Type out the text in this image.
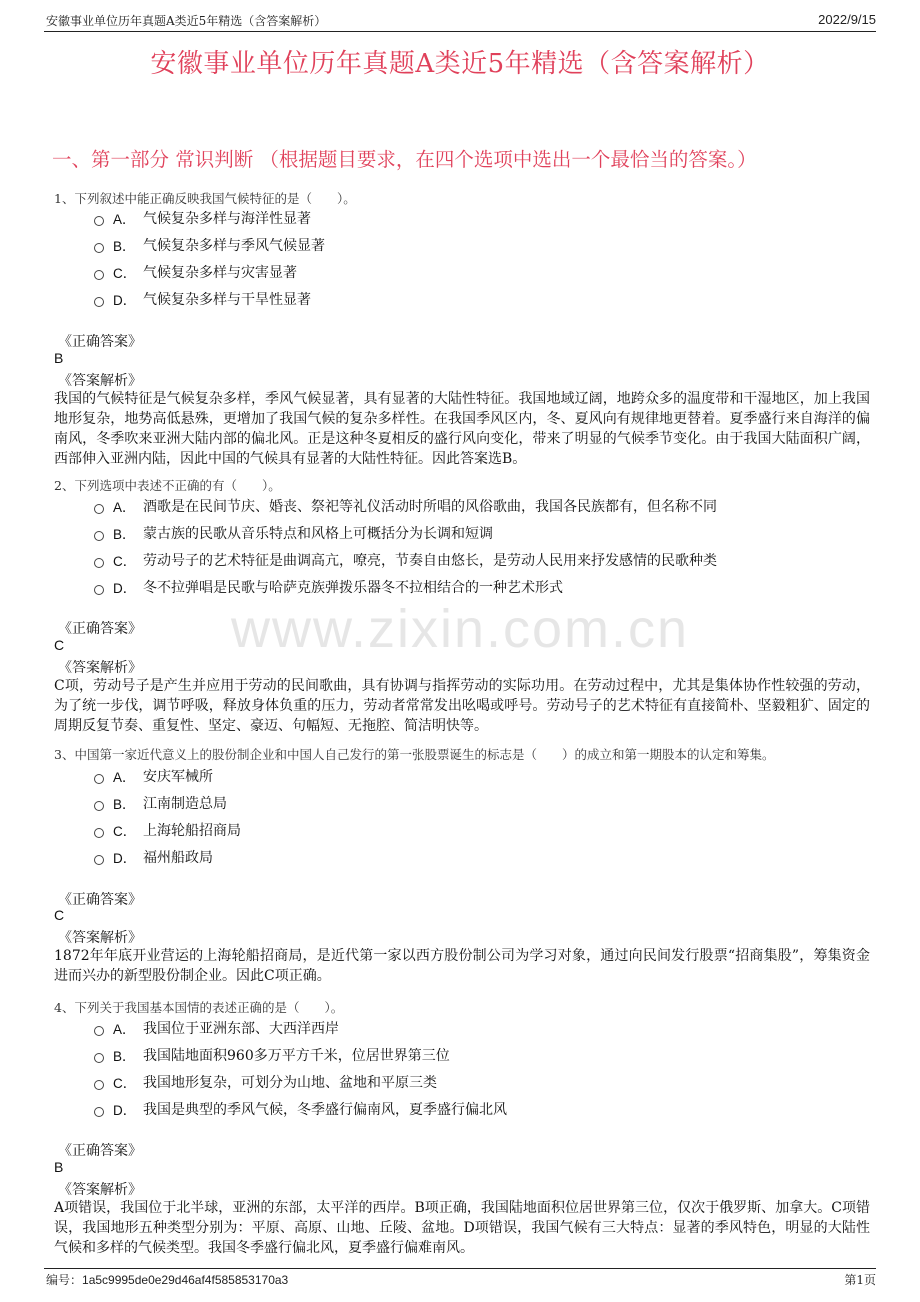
安徽事业单位历年真题A类近5年精选（含答案解析）	2022/9/15
www.zixin.com.cn
安徽事业单位历年真题A类近5年精选（含答案解析）
一、第一部分 常识判断 （根据题目要求，在四个选项中选出一个最恰当的答案。）
1、下列叙述中能正确反映我国气候特征的是（　　）。
A． 气候复杂多样与海洋性显著
B． 气候复杂多样与季风气候显著
C． 气候复杂多样与灾害显著
D． 气候复杂多样与干旱性显著
《正确答案》
B
《答案解析》
我国的气候特征是气候复杂多样，季风气候显著，具有显著的大陆性特征。我国地域辽阔，地跨众多的温度带和干湿地区，加上我国地形复杂，地势高低悬殊，更增加了我国气候的复杂多样性。在我国季风区内，冬、夏风向有规律地更替着。夏季盛行来自海洋的偏南风，冬季吹来亚洲大陆内部的偏北风。正是这种冬夏相反的盛行风向变化，带来了明显的气候季节变化。由于我国大陆面积广阔，西部伸入亚洲内陆，因此中国的气候具有显著的大陆性特征。因此答案选B。
2、下列选项中表述不正确的有（　　）。
A． 酒歌是在民间节庆、婚丧、祭祀等礼仪活动时所唱的风俗歌曲，我国各民族都有，但名称不同
B． 蒙古族的民歌从音乐特点和风格上可概括分为长调和短调
C． 劳动号子的艺术特征是曲调高亢，嘹亮，节奏自由悠长，是劳动人民用来抒发感情的民歌种类
D． 冬不拉弹唱是民歌与哈萨克族弹拨乐器冬不拉相结合的一种艺术形式
《正确答案》
C
《答案解析》
C项，劳动号子是产生并应用于劳动的民间歌曲，具有协调与指挥劳动的实际功用。在劳动过程中，尤其是集体协作性较强的劳动，为了统一步伐，调节呼吸，释放身体负重的压力，劳动者常常发出吆喝或呼号。劳动号子的艺术特征有直接简朴、坚毅粗犷、固定的周期反复节奏、重复性、坚定、豪迈、句幅短、无拖腔、简洁明快等。
3、中国第一家近代意义上的股份制企业和中国人自己发行的第一张股票诞生的标志是（　　）的成立和第一期股本的认定和筹集。
A． 安庆军械所
B． 江南制造总局
C． 上海轮船招商局
D． 福州船政局
《正确答案》
C
《答案解析》
1872年年底开业营运的上海轮船招商局，是近代第一家以西方股份制公司为学习对象，通过向民间发行股票“招商集股”，筹集资金进而兴办的新型股份制企业。因此C项正确。
4、下列关于我国基本国情的表述正确的是（　　）。
A． 我国位于亚洲东部、大西洋西岸
B． 我国陆地面积960多万平方千米，位居世界第三位
C． 我国地形复杂，可划分为山地、盆地和平原三类
D． 我国是典型的季风气候，冬季盛行偏南风，夏季盛行偏北风
《正确答案》
B
《答案解析》
A项错误，我国位于北半球，亚洲的东部，太平洋的西岸。B项正确，我国陆地面积位居世界第三位，仅次于俄罗斯、加拿大。C项错误，我国地形五种类型分别为：平原、高原、山地、丘陵、盆地。D项错误，我国气候有三大特点：显著的季风特色，明显的大陆性气候和多样的气候类型。我国冬季盛行偏北风，夏季盛行偏难南风。
编号：1a5c9995de0e29d46af4f585853170a3	第1页
